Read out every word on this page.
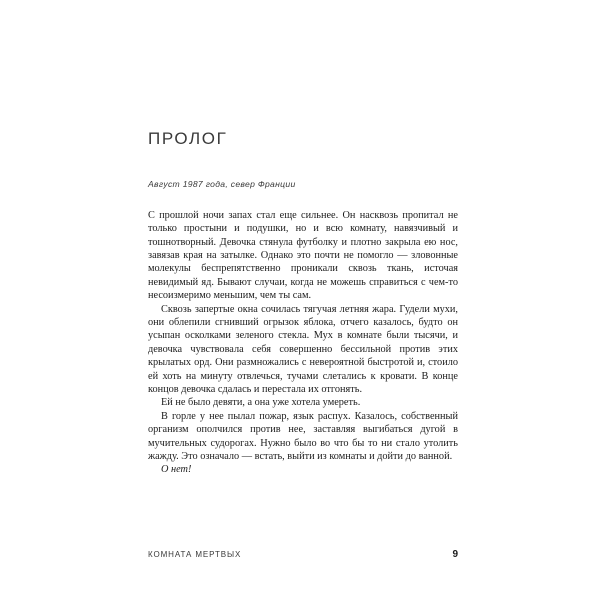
ПРОЛОГ
Август 1987 года, север Франции

С прошлой ночи запах стал еще сильнее. Он насквозь пропитал не только простыни и подушки, но и всю комнату, навязчивый и тошнотворный. Девочка стянула футболку и плотно закрыла ею нос, завязав края на затылке. Однако это почти не помогло — зловонные молекулы беспрепятственно проникали сквозь ткань, источая невидимый яд. Бывают случаи, когда не можешь справиться с чем-то несоизмеримо меньшим, чем ты сам.

Сквозь запертые окна сочилась тягучая летняя жара. Гудели мухи, они облепили сгнивший огрызок яблока, отчего казалось, будто он усыпан осколками зеленого стекла. Мух в комнате были тысячи, и девочка чувствовала себя совершенно бессильной против этих крылатых орд. Они размножались с невероятной быстротой и, стоило ей хоть на минуту отвлечься, тучами слетались к кровати. В конце концов девочка сдалась и перестала их отгонять.

Ей не было девяти, а она уже хотела умереть.

В горле у нее пылал пожар, язык распух. Казалось, собственный организм ополчился против нее, заставляя выгибаться дугой в мучительных судорогах. Нужно было во что бы то ни стало утолить жажду. Это означало — встать, выйти из комнаты и дойти до ванной.

О нет!

КОМНАТА МЕРТВЫХ	9
